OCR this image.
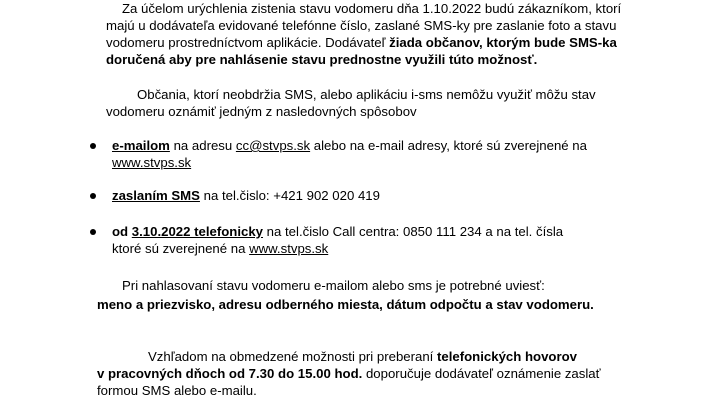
Za účelom urýchlenia zistenia stavu vodomeru dňa 1.10.2022 budú zákazníkom, ktorí
majú u dodávateľa evidované telefónne číslo, zaslané SMS-ky pre zaslanie foto a stavu
vodomeru prostredníctvom aplikácie. Dodávateľ žiada občanov, ktorým bude SMS-ka
doručená aby pre nahlásenie stavu prednostne využili túto možnosť.
Občania, ktorí neobdržia SMS, alebo aplikáciu i-sms nemôžu využiť môžu stav
vodomeru oznámiť jedným z nasledovných spôsobov
e-mailom na adresu cc@stvps.sk alebo na e-mail adresy, ktoré sú zverejnené na
www.stvps.sk
zaslaním SMS na tel.čislo: +421 902 020 419
od 3.10.2022 telefonicky na tel.čislo Call centra: 0850 111 234 a na tel. čísla
ktoré sú zverejnené na www.stvps.sk
Pri nahlasovaní stavu vodomeru e-mailom alebo sms je potrebné uviesť:
meno a priezvisko, adresu odberného miesta, dátum odpočtu a stav vodomeru.
Vzhľadom na obmedzené možnosti pri preberaní telefonických hovorov
v pracovných dňoch od 7.30 do 15.00 hod. doporučuje dodávateľ oznámenie zaslať
formou SMS alebo e-mailu.
